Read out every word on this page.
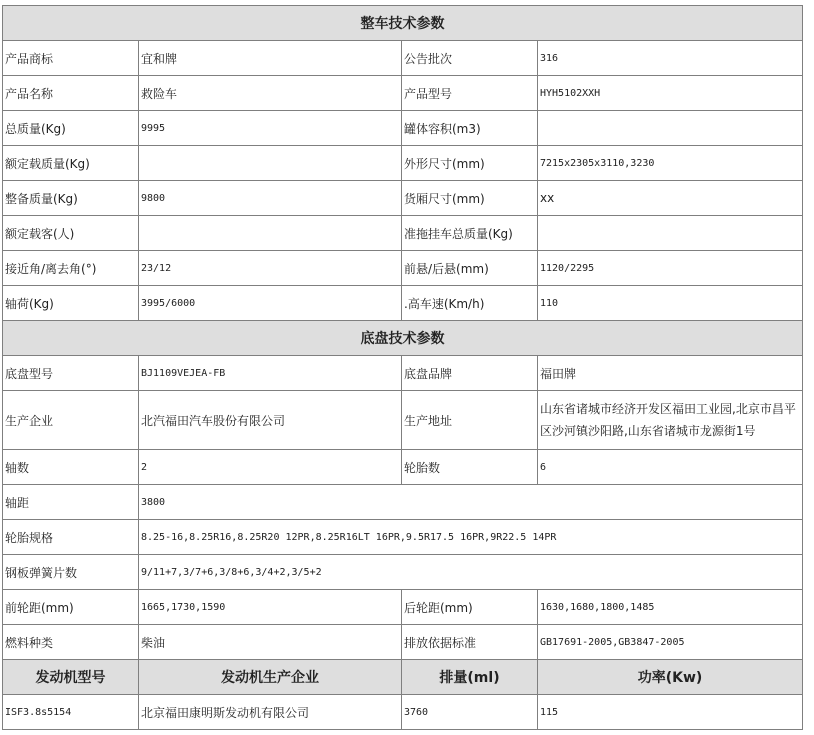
整车技术参数			
产品商标	宜和牌	公告批次	316
产品名称	救险车	产品型号	HYH5102XXH
总质量(Kg)	9995	罐体容积(m3)	
额定载质量(Kg)		外形尺寸(mm)	7215x2305x3110,3230
整备质量(Kg)	9800	货厢尺寸(mm)	xx
额定载客(人)		准拖挂车总质量(Kg)	
接近角/离去角(°)	23/12	前悬/后悬(mm)	1120/2295
轴荷(Kg)	3995/6000	.高车速(Km/h)	110
底盘技术参数			
底盘型号	BJ1109VEJEA-FB	底盘品牌	福田牌
生产企业	北汽福田汽车股份有限公司	生产地址	山东省诸城市经济开发区福田工业园,北京市昌平区沙河镇沙阳路,山东省诸城市龙源街1号
轴数	2	轮胎数	6
轴距	3800		
轮胎规格	8.25-16,8.25R16,8.25R20 12PR,8.25R16LT 16PR,9.5R17.5 16PR,9R22.5 14PR		
钢板弹簧片数	9/11+7,3/7+6,3/8+6,3/4+2,3/5+2		
前轮距(mm)	1665,1730,1590	后轮距(mm)	1630,1680,1800,1485
燃料种类	柴油	排放依据标准	GB17691-2005,GB3847-2005
发动机型号	发动机生产企业	排量(ml)	功率(Kw)
ISF3.8s5154	北京福田康明斯发动机有限公司	3760	115
